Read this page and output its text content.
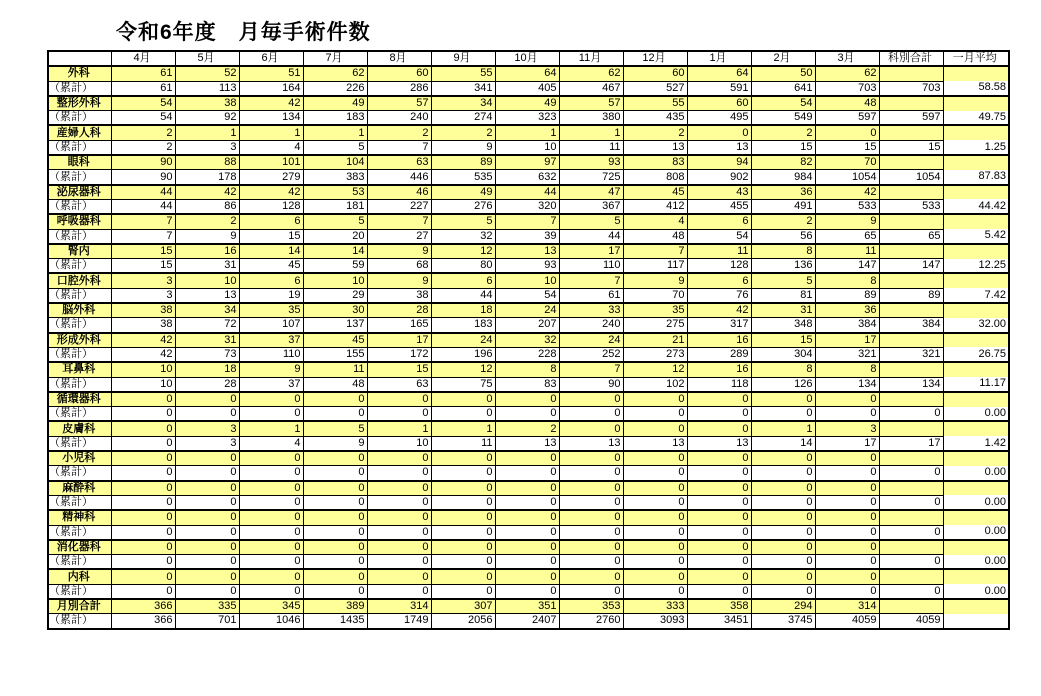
令和6年度　月毎手術件数
	4月	5月	6月	7月	8月	9月	10月	11月	12月	1月	2月	3月	科別合計	一月平均
外科	61	52	51	62	60	55	64	62	60	64	50	62		
（累計）	61	113	164	226	286	341	405	467	527	591	641	703	703	58.58
整形外科	54	38	42	49	57	34	49	57	55	60	54	48		
（累計）	54	92	134	183	240	274	323	380	435	495	549	597	597	49.75
産婦人科	2	1	1	1	2	2	1	1	2	0	2	0		
（累計）	2	3	4	5	7	9	10	11	13	13	15	15	15	1.25
眼科	90	88	101	104	63	89	97	93	83	94	82	70		
（累計）	90	178	279	383	446	535	632	725	808	902	984	1054	1054	87.83
泌尿器科	44	42	42	53	46	49	44	47	45	43	36	42		
（累計）	44	86	128	181	227	276	320	367	412	455	491	533	533	44.42
呼吸器科	7	2	6	5	7	5	7	5	4	6	2	9		
（累計）	7	9	15	20	27	32	39	44	48	54	56	65	65	5.42
腎内	15	16	14	14	9	12	13	17	7	11	8	11		
（累計）	15	31	45	59	68	80	93	110	117	128	136	147	147	12.25
口腔外科	3	10	6	10	9	6	10	7	9	6	5	8		
（累計）	3	13	19	29	38	44	54	61	70	76	81	89	89	7.42
脳外科	38	34	35	30	28	18	24	33	35	42	31	36		
（累計）	38	72	107	137	165	183	207	240	275	317	348	384	384	32.00
形成外科	42	31	37	45	17	24	32	24	21	16	15	17		
（累計）	42	73	110	155	172	196	228	252	273	289	304	321	321	26.75
耳鼻科	10	18	9	11	15	12	8	7	12	16	8	8		
（累計）	10	28	37	48	63	75	83	90	102	118	126	134	134	11.17
循環器科	0	0	0	0	0	0	0	0	0	0	0	0		
（累計）	0	0	0	0	0	0	0	0	0	0	0	0	0	0.00
皮膚科	0	3	1	5	1	1	2	0	0	0	1	3		
（累計）	0	3	4	9	10	11	13	13	13	13	14	17	17	1.42
小児科	0	0	0	0	0	0	0	0	0	0	0	0		
（累計）	0	0	0	0	0	0	0	0	0	0	0	0	0	0.00
麻酔科	0	0	0	0	0	0	0	0	0	0	0	0		
（累計）	0	0	0	0	0	0	0	0	0	0	0	0	0	0.00
精神科	0	0	0	0	0	0	0	0	0	0	0	0		
（累計）	0	0	0	0	0	0	0	0	0	0	0	0	0	0.00
消化器科	0	0	0	0	0	0	0	0	0	0	0	0		
（累計）	0	0	0	0	0	0	0	0	0	0	0	0	0	0.00
内科	0	0	0	0	0	0	0	0	0	0	0	0		
（累計）	0	0	0	0	0	0	0	0	0	0	0	0	0	0.00
月別合計	366	335	345	389	314	307	351	353	333	358	294	314		
（累計）	366	701	1046	1435	1749	2056	2407	2760	3093	3451	3745	4059	4059	
